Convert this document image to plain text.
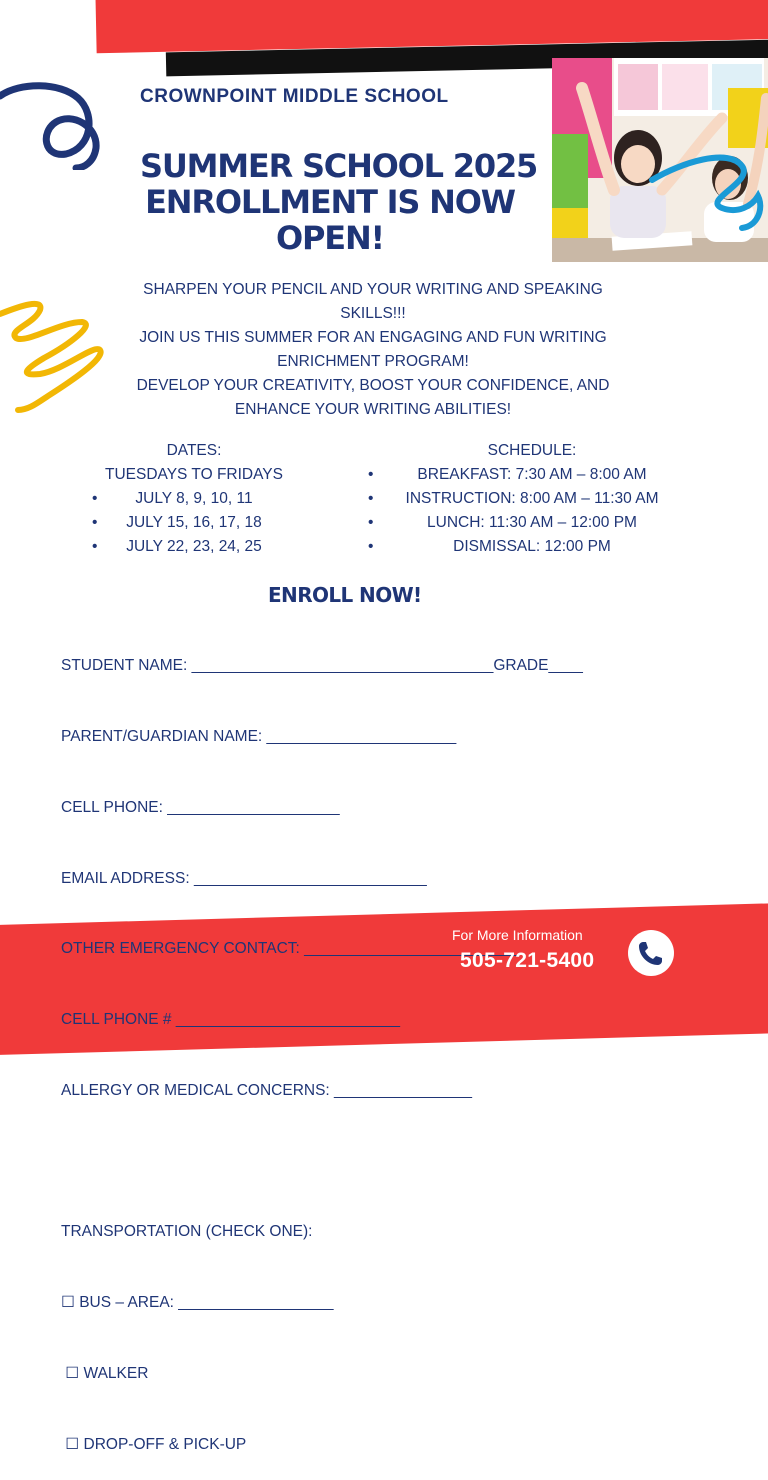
CROWNPOINT MIDDLE SCHOOL
SUMMER SCHOOL 2025
ENROLLMENT IS NOW
OPEN!
SHARPEN YOUR PENCIL AND YOUR WRITING AND SPEAKING
SKILLS!!!
JOIN US THIS SUMMER FOR AN ENGAGING AND FUN WRITING
ENRICHMENT PROGRAM!
DEVELOP YOUR CREATIVITY, BOOST YOUR CONFIDENCE, AND
ENHANCE YOUR WRITING ABILITIES!
DATES:
TUESDAYS TO FRIDAYS
• JULY 8, 9, 10, 11
• JULY 15, 16, 17, 18
• JULY 22, 23, 24, 25
SCHEDULE:
•	BREAKFAST: 7:30 AM – 8:00 AM
• INSTRUCTION: 8:00 AM – 11:30 AM
•	LUNCH: 11:30 AM – 12:00 PM
•	DISMISSAL: 12:00 PM
ENROLL NOW!

STUDENT NAME: ___________________________________GRADE____

PARENT/GUARDIAN NAME: ______________________

CELL PHONE: ____________________

EMAIL ADDRESS: ___________________________

OTHER EMERGENCY CONTACT: _________________________

CELL PHONE # __________________________

ALLERGY OR MEDICAL CONCERNS: ________________

TRANSPORTATION (CHECK ONE):

☐ BUS – AREA: __________________

☐ WALKER

☐ DROP-OFF & PICK-UP

For More Information
505-721-5400
